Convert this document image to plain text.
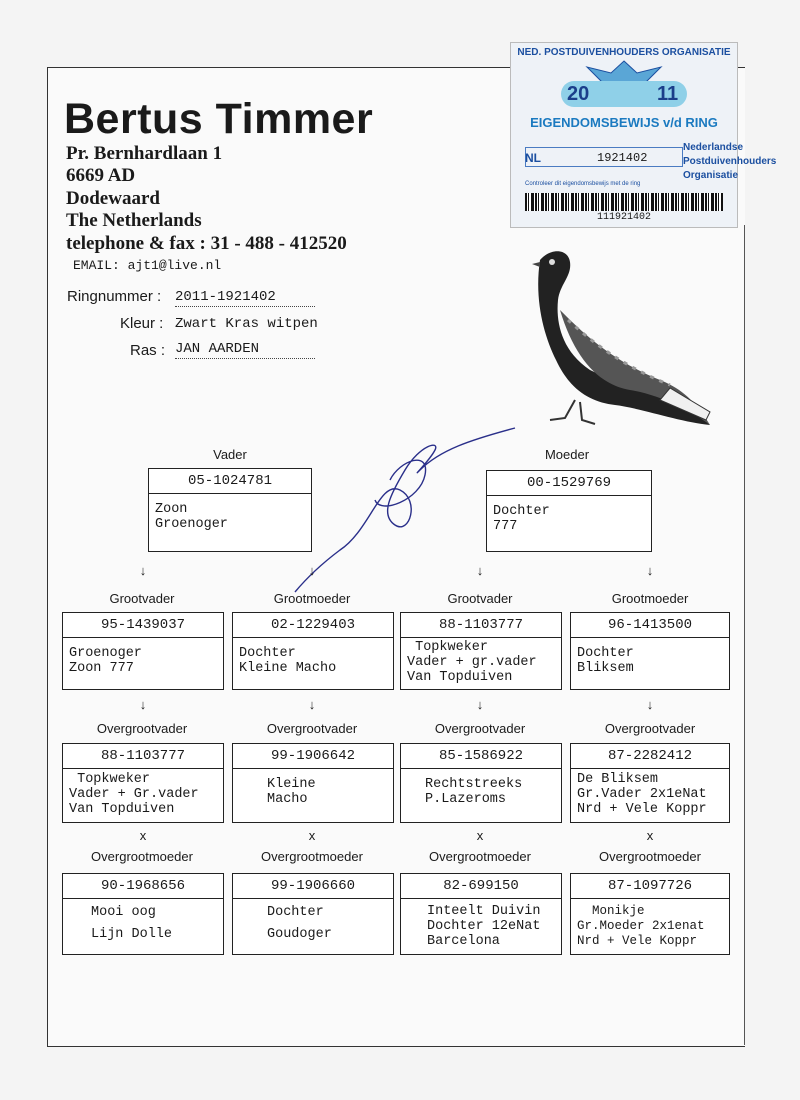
Bertus Timmer
Pr. Bernhardlaan 1
6669 AD
Dodewaard
The Netherlands
telephone & fax : 31 - 488 - 412520
EMAIL: ajt1@live.nl
Ringnummer : 2011-1921402
Kleur : Zwart Kras witpen
Ras : JAN AARDEN
NED. POSTDUIVENHOUDERS ORGANISATIE
20	11
EIGENDOMSBEWIJS v/d RING
NL	1921402
Nederlandse
Postduivenhouders
Organisatie
Controleer dit eigendomsbewijs met de ring
111921402
Vader
05-1024781
Zoon
Groenoger
Moeder
00-1529769
Dochter
777
↓	↓	↓	↓
Grootvader	Grootmoeder	Grootvader	Grootmoeder
95-1439037
Groenoger
Zoon 777
02-1229403
Dochter
Kleine Macho
88-1103777
Topkweker
Vader + gr.vader
Van Topduiven
96-1413500
Dochter
Bliksem
↓	↓	↓	↓
Overgrootvader	Overgrootvader	Overgrootvader	Overgrootvader
88-1103777
Topkweker
Vader + Gr.vader
Van Topduiven
99-1906642
Kleine
Macho
85-1586922
Rechtstreeks
P.Lazeroms
87-2282412
De Bliksem
Gr.Vader 2x1eNat
Nrd + Vele Koppr
x	x	x	x
Overgrootmoeder	Overgrootmoeder	Overgrootmoeder	Overgrootmoeder
90-1968656
Mooi oog

Lijn Dolle
99-1906660
Dochter

Goudoger
82-699150
Inteelt Duivin
Dochter 12eNat
Barcelona
87-1097726
Monikje
Gr.Moeder 2x1enat
Nrd + Vele Koppr
